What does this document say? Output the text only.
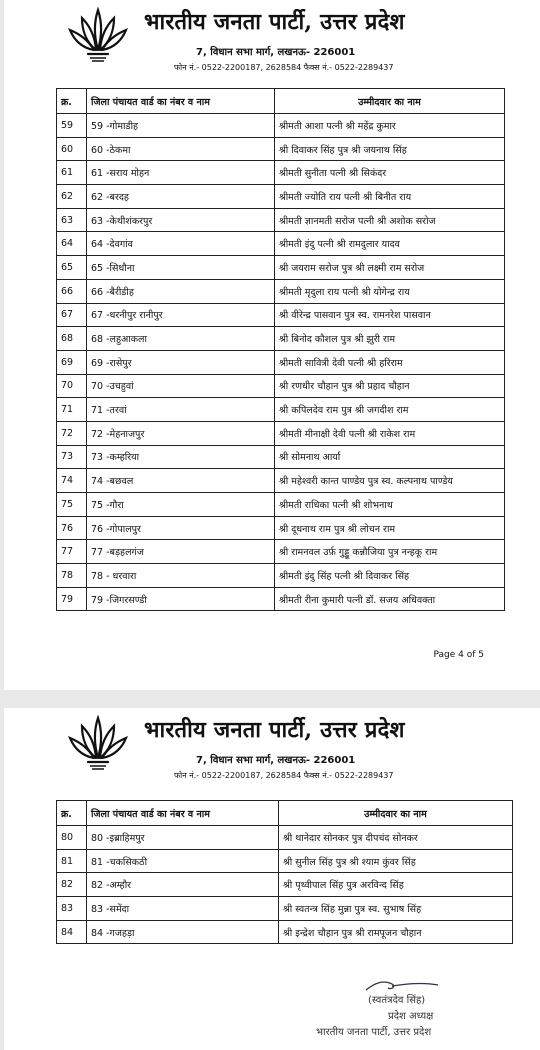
भारतीय जनता पार्टी, उत्तर प्रदेश
7, विधान सभा मार्ग, लखनऊ- 226001
फोन नं.- 0522-2200187, 2628584 फैक्स नं.- 0522-2289437
क्र.	जिला पंचायत वार्ड का नंबर व नाम	उम्मीदवार का नाम
59	59 -गोमाडीह	श्रीमती आशा पत्नी श्री महेंद्र कुमार
60	60 -ठेकमा	श्री दिवाकर सिंह पुत्र श्री जयनाथ सिंह
61	61 -सराय मोहन	श्रीमती सुनीता पत्नी श्री सिकंदर
62	62 -बरदह	श्रीमती ज्योति राय पत्नी श्री बिनीत राय
63	63 -केथीशंकरपुर	श्रीमती ज्ञानमती सरोज पत्नी श्री अशोक सरोज
64	64 -देवगांव	श्रीमती इंदु पत्नी श्री रामदुलार यादव
65	65 -सिधौना	श्री जयराम सरोज पुत्र श्री लक्ष्मी राम सरोज
66	66 -बैरीडीह	श्रीमती मृदुला राय पत्नी श्री योगेन्द्र राय
67	67 -धरनीपुर रानीपुर	श्री वीरेन्द्र पासवान पुत्र स्व. रामनरेश पासवान
68	68 -लहुआकला	श्री बिनोद कौशल पुत्र श्री झुरी राम
69	69 -रासेपुर	श्रीमती सावित्री देवी पत्नी श्री हरिराम
70	70 -उचहुवां	श्री रणधीर चौहान पुत्र श्री प्रहाद चौहान
71	71 -तरवां	श्री कपिलदेव राम पुत्र श्री जगदीश राम
72	72 -मेहनाजपुर	श्रीमती मीनाक्षी देवी पत्नी श्री राकेश राम
73	73 -कम्हरिया	श्री सोमनाथ आर्या
74	74 -बछवल	श्री महेश्वरी कान्त पाण्डेय पुत्र स्व. कल्पनाथ पाण्डेय
75	75 -गौरा	श्रीमती राधिका पत्नी श्री शोभनाथ
76	76 -गोपालपुर	श्री दूधनाथ राम पुत्र श्री लोचन राम
77	77 -बड़हलगंज	श्री रामनवल उर्फ़ गुड्डू कन्नौजिया पुत्र नन्हकू राम
78	78 - धरवारा	श्रीमती इंदु सिंह पत्नी श्री दिवाकर सिंह
79	79 -जिगरसण्डी	श्रीमती रीना कुमारी पत्नी डॉ. सजय अधिवक्ता
Page 4 of 5
भारतीय जनता पार्टी, उत्तर प्रदेश
7, विधान सभा मार्ग, लखनऊ- 226001
फोन नं.- 0522-2200187, 2628584 फैक्स नं.- 0522-2289437
क्र.	जिला पंचायत वार्ड का नंबर व नाम	उम्मीदवार का नाम
80	80 -इब्राहिमपुर	श्री थानेदार सोनकर पुत्र दीपचंद सोनकर
81	81 -चकसिकठी	श्री सुनील सिंह पुत्र श्री श्याम कुंवर सिंह
82	82 -अम्हौर	श्री पृथ्वीपाल सिंह पुत्र अरविन्द सिंह
83	83 -समेंदा	श्री स्वतन्त्र सिंह मुन्ना पुत्र स्व. सुभाष सिंह
84	84 -गजहड़ा	श्री इन्द्रेश चौहान पुत्र श्री रामपूजन चौहान
(स्वतंत्रदेव सिंह)
प्रदेश अध्यक्ष
भारतीय जनता पार्टी, उत्तर प्रदेश
